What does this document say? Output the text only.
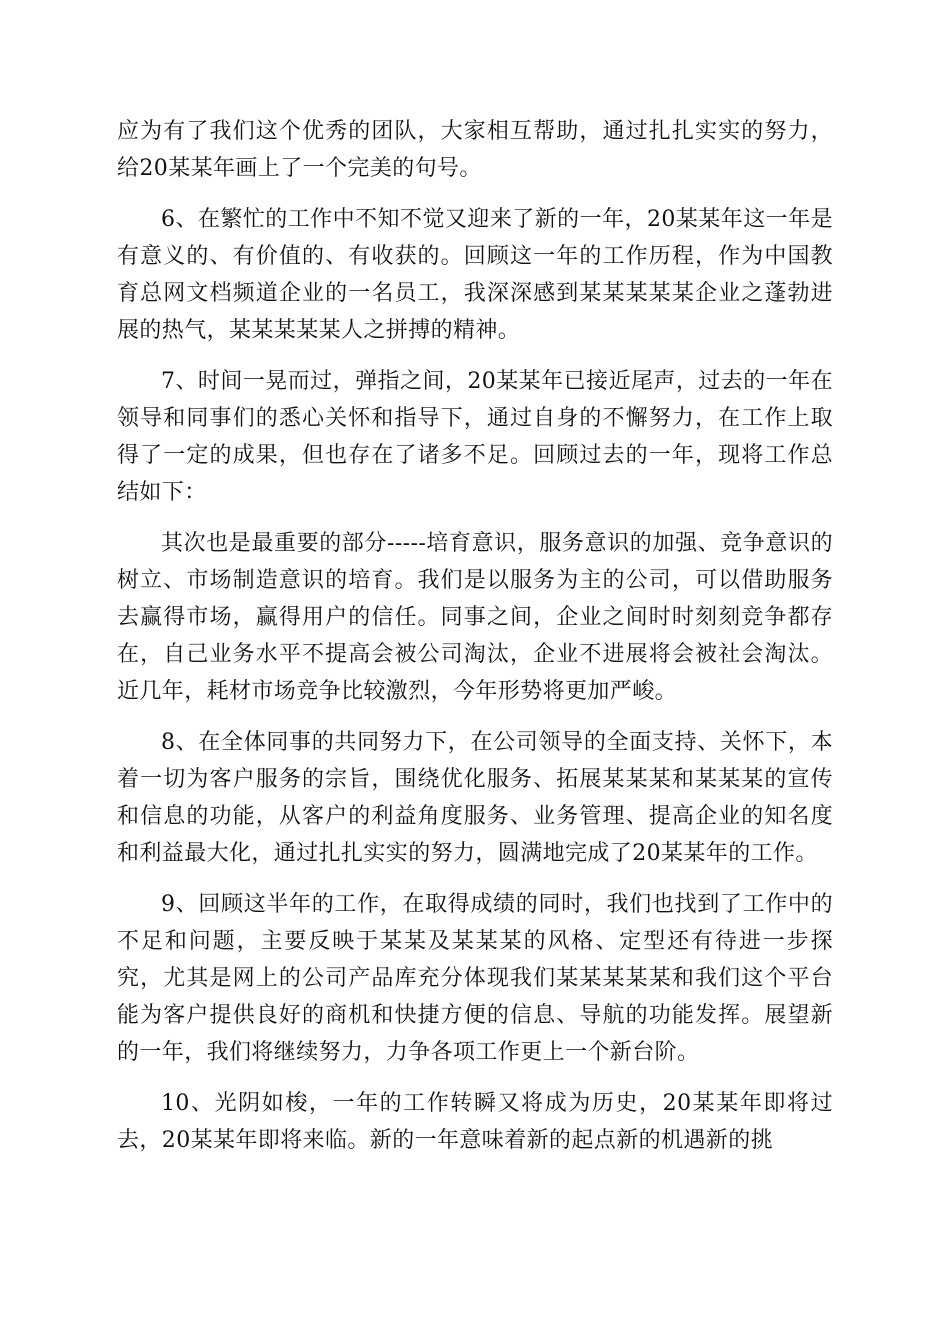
应为有了我们这个优秀的团队，大家相互帮助，通过扎扎实实的努力，给20某某年画上了一个完美的句号。

6、在繁忙的工作中不知不觉又迎来了新的一年，20某某年这一年是有意义的、有价值的、有收获的。回顾这一年的工作历程，作为中国教育总网文档频道企业的一名员工，我深深感到某某某某某企业之蓬勃进展的热气，某某某某某人之拼搏的精神。

7、时间一晃而过，弹指之间，20某某年已接近尾声，过去的一年在领导和同事们的悉心关怀和指导下，通过自身的不懈努力，在工作上取得了一定的成果，但也存在了诸多不足。回顾过去的一年，现将工作总结如下：

其次也是最重要的部分-----培育意识，服务意识的加强、竞争意识的树立、市场制造意识的培育。我们是以服务为主的公司，可以借助服务去赢得市场，赢得用户的信任。同事之间，企业之间时时刻刻竞争都存在，自己业务水平不提高会被公司淘汰，企业不进展将会被社会淘汰。近几年，耗材市场竞争比较激烈，今年形势将更加严峻。

8、在全体同事的共同努力下，在公司领导的全面支持、关怀下，本着一切为客户服务的宗旨，围绕优化服务、拓展某某某和某某某的宣传和信息的功能，从客户的利益角度服务、业务管理、提高企业的知名度和利益最大化，通过扎扎实实的努力，圆满地完成了20某某年的工作。

9、回顾这半年的工作，在取得成绩的同时，我们也找到了工作中的不足和问题，主要反映于某某及某某某的风格、定型还有待进一步探究，尤其是网上的公司产品库充分体现我们某某某某某和我们这个平台能为客户提供良好的商机和快捷方便的信息、导航的功能发挥。展望新的一年，我们将继续努力，力争各项工作更上一个新台阶。

10、光阴如梭，一年的工作转瞬又将成为历史，20某某年即将过去，20某某年即将来临。新的一年意味着新的起点新的机遇新的挑
